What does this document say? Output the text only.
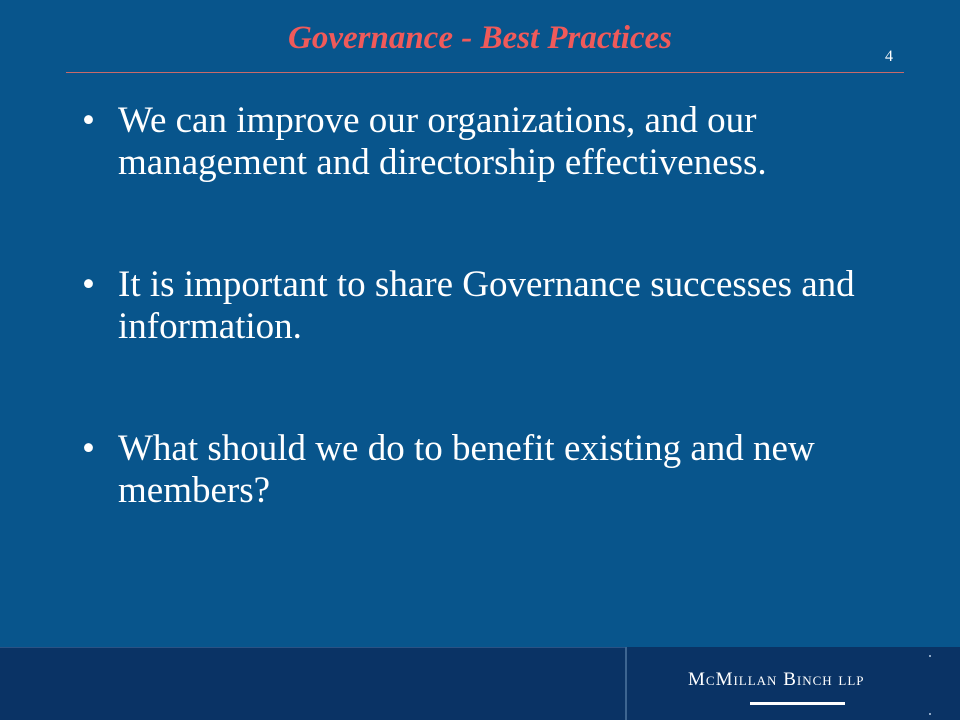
Governance - Best Practices
4
• We can improve our organizations, and our management and directorship effectiveness.
• It is important to share Governance successes and information.
• What should we do to benefit existing and new members?
McMillan Binch llp
